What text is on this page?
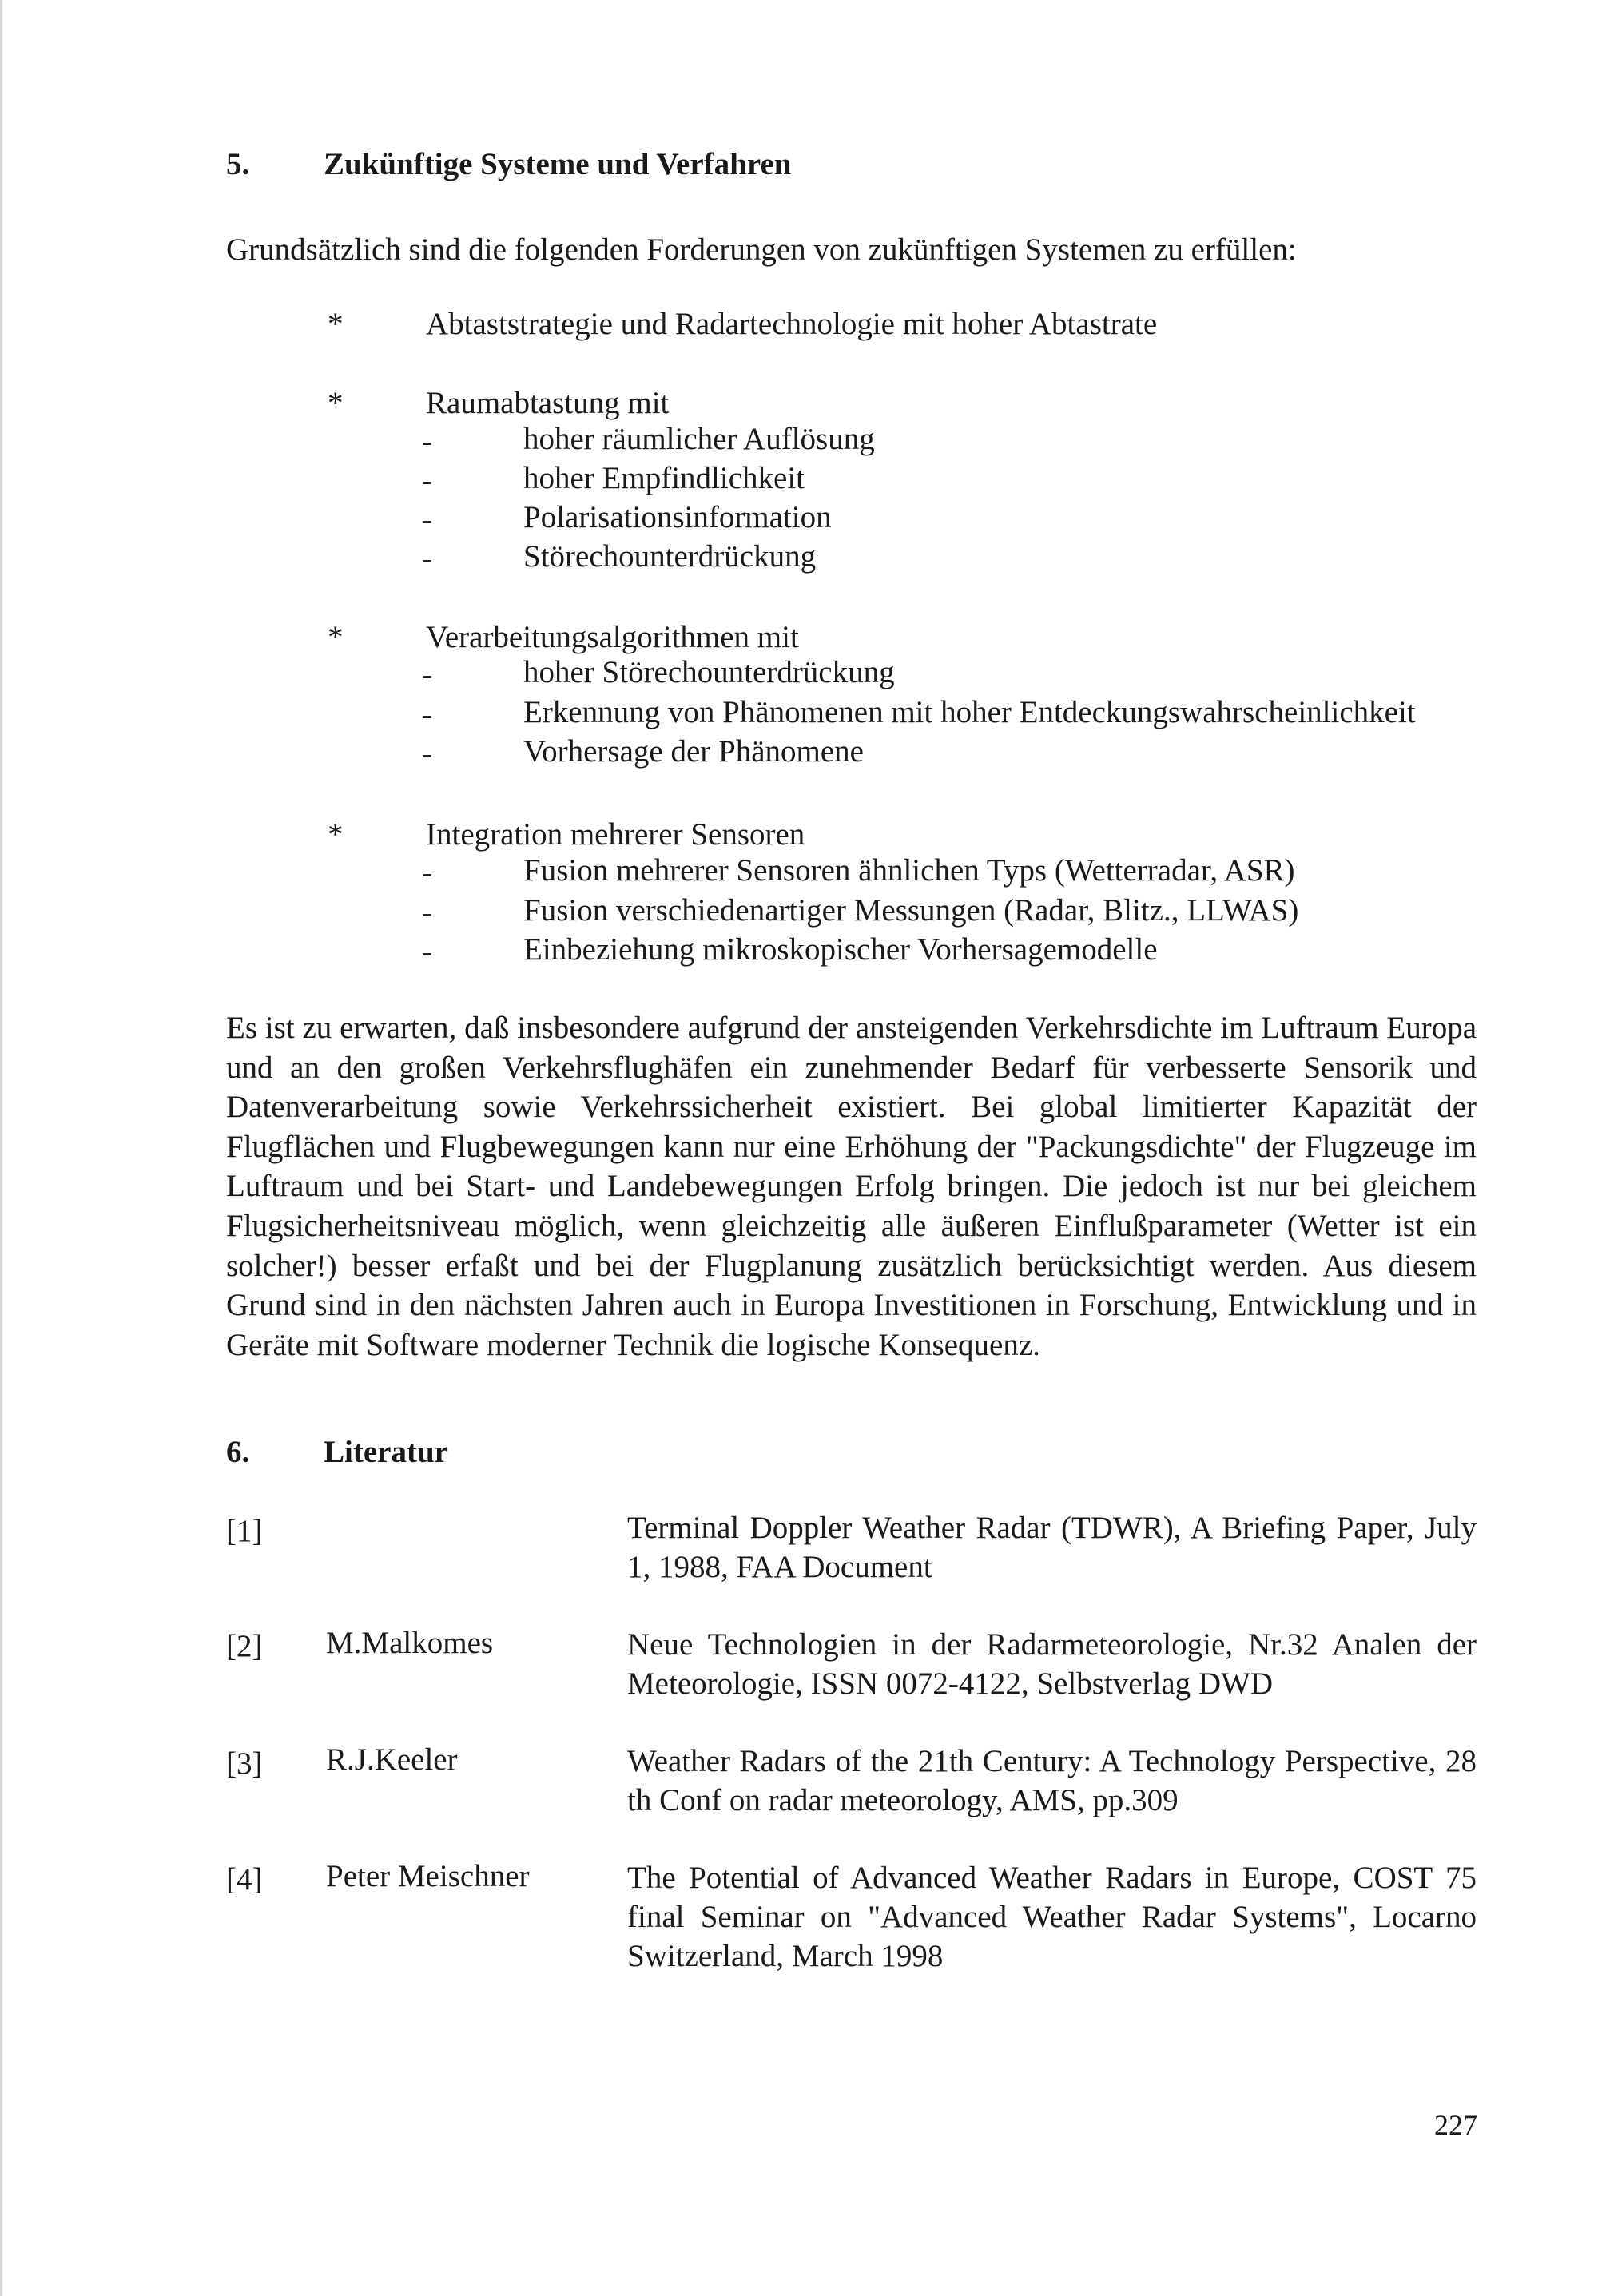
5. Zukünftige Systeme und Verfahren
Grundsätzlich sind die folgenden Forderungen von zukünftigen Systemen zu erfüllen:
*	Abtaststrategie und Radartechnologie mit hoher Abtastrate
*	Raumabtastung mit
-	hoher räumlicher Auflösung
-	hoher Empfindlichkeit
-	Polarisationsinformation
-	Störechounterdrückung
*	Verarbeitungsalgorithmen mit
-	hoher Störechounterdrückung
-	Erkennung von Phänomenen mit hoher Entdeckungswahrscheinlichkeit
-	Vorhersage der Phänomene
*	Integration mehrerer Sensoren
-	Fusion mehrerer Sensoren ähnlichen Typs (Wetterradar, ASR)
-	Fusion verschiedenartiger Messungen (Radar, Blitz., LLWAS)
-	Einbeziehung mikroskopischer Vorhersagemodelle
Es ist zu erwarten, daß insbesondere aufgrund der ansteigenden Verkehrsdichte im Luftraum Europa und an den großen Verkehrsflughäfen ein zunehmender Bedarf für verbesserte Sensorik und Datenverarbeitung sowie Verkehrssicherheit existiert. Bei global limitierter Kapazität der Flugflächen und Flugbewegungen kann nur eine Erhöhung der "Packungsdichte" der Flugzeuge im Luftraum und bei Start- und Landebewegungen Erfolg bringen. Die jedoch ist nur bei gleichem Flugsicherheitsniveau möglich, wenn gleichzeitig alle äußeren Einflußparameter (Wetter ist ein solcher!) besser erfaßt und bei der Flugplanung zusätzlich berücksichtigt werden. Aus diesem Grund sind in den nächsten Jahren auch in Europa Investitionen in Forschung, Entwicklung und in Geräte mit Software moderner Technik die logische Konsequenz.
6. Literatur
[1]	Terminal Doppler Weather Radar (TDWR), A Briefing Paper, July 1, 1988, FAA Document
[2] M.Malkomes	Neue Technologien in der Radarmeteorologie, Nr.32 Analen der Meteorologie, ISSN 0072-4122, Selbstverlag DWD
[3] R.J.Keeler	Weather Radars of the 21th Century: A Technology Perspective, 28 th Conf on radar meteorology, AMS, pp.309
[4] Peter Meischner	The Potential of Advanced Weather Radars in Europe, COST 75 final Seminar on "Advanced Weather Radar Systems", Locarno Switzerland, March 1998
227
